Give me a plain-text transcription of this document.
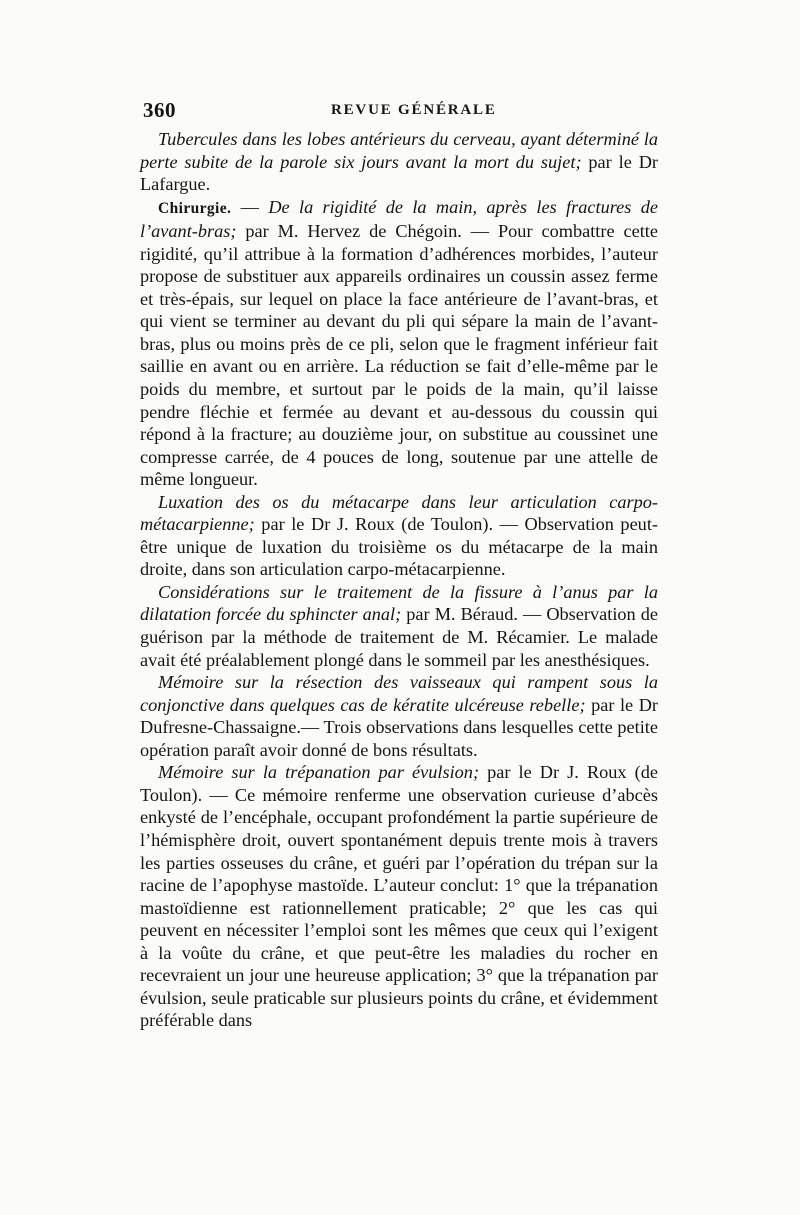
360	REVUE GÉNÉRALE

Tubercules dans les lobes antérieurs du cerveau, ayant déterminé la perte subite de la parole six jours avant la mort du sujet; par le Dr Lafargue.

Chirurgie. — De la rigidité de la main, après les fractures de l’avant-bras; par M. Hervez de Chégoin. — Pour combattre cette rigidité, qu’il attribue à la formation d’adhérences morbides, l’auteur propose de substituer aux appareils ordinaires un coussin assez ferme et très-épais, sur lequel on place la face antérieure de l’avant-bras, et qui vient se terminer au devant du pli qui sépare la main de l’avant-bras, plus ou moins près de ce pli, selon que le fragment inférieur fait saillie en avant ou en arrière. La réduction se fait d’elle-même par le poids du membre, et surtout par le poids de la main, qu’il laisse pendre fléchie et fermée au devant et au-dessous du coussin qui répond à la fracture; au douzième jour, on substitue au coussinet une compresse carrée, de 4 pouces de long, soutenue par une attelle de même longueur.

Luxation des os du métacarpe dans leur articulation carpo-métacarpienne; par le Dr J. Roux (de Toulon). — Observation peut-être unique de luxation du troisième os du métacarpe de la main droite, dans son articulation carpo-métacarpienne.

Considérations sur le traitement de la fissure à l’anus par la dilatation forcée du sphincter anal; par M. Béraud. — Observation de guérison par la méthode de traitement de M. Récamier. Le malade avait été préalablement plongé dans le sommeil par les anesthésiques.

Mémoire sur la résection des vaisseaux qui rampent sous la conjonctive dans quelques cas de kératite ulcéreuse rebelle; par le Dr Dufresne-Chassaigne.— Trois observations dans lesquelles cette petite opération paraît avoir donné de bons résultats.

Mémoire sur la trépanation par évulsion; par le Dr J. Roux (de Toulon). — Ce mémoire renferme une observation curieuse d’abcès enkysté de l’encéphale, occupant profondément la partie supérieure de l’hémisphère droit, ouvert spontanément depuis trente mois à travers les parties osseuses du crâne, et guéri par l’opération du trépan sur la racine de l’apophyse mastoïde. L’auteur conclut: 1° que la trépanation mastoïdienne est rationnellement praticable; 2° que les cas qui peuvent en nécessiter l’emploi sont les mêmes que ceux qui l’exigent à la voûte du crâne, et que peut-être les maladies du rocher en recevraient un jour une heureuse application; 3° que la trépanation par évulsion, seule praticable sur plusieurs points du crâne, et évidemment préférable dans
